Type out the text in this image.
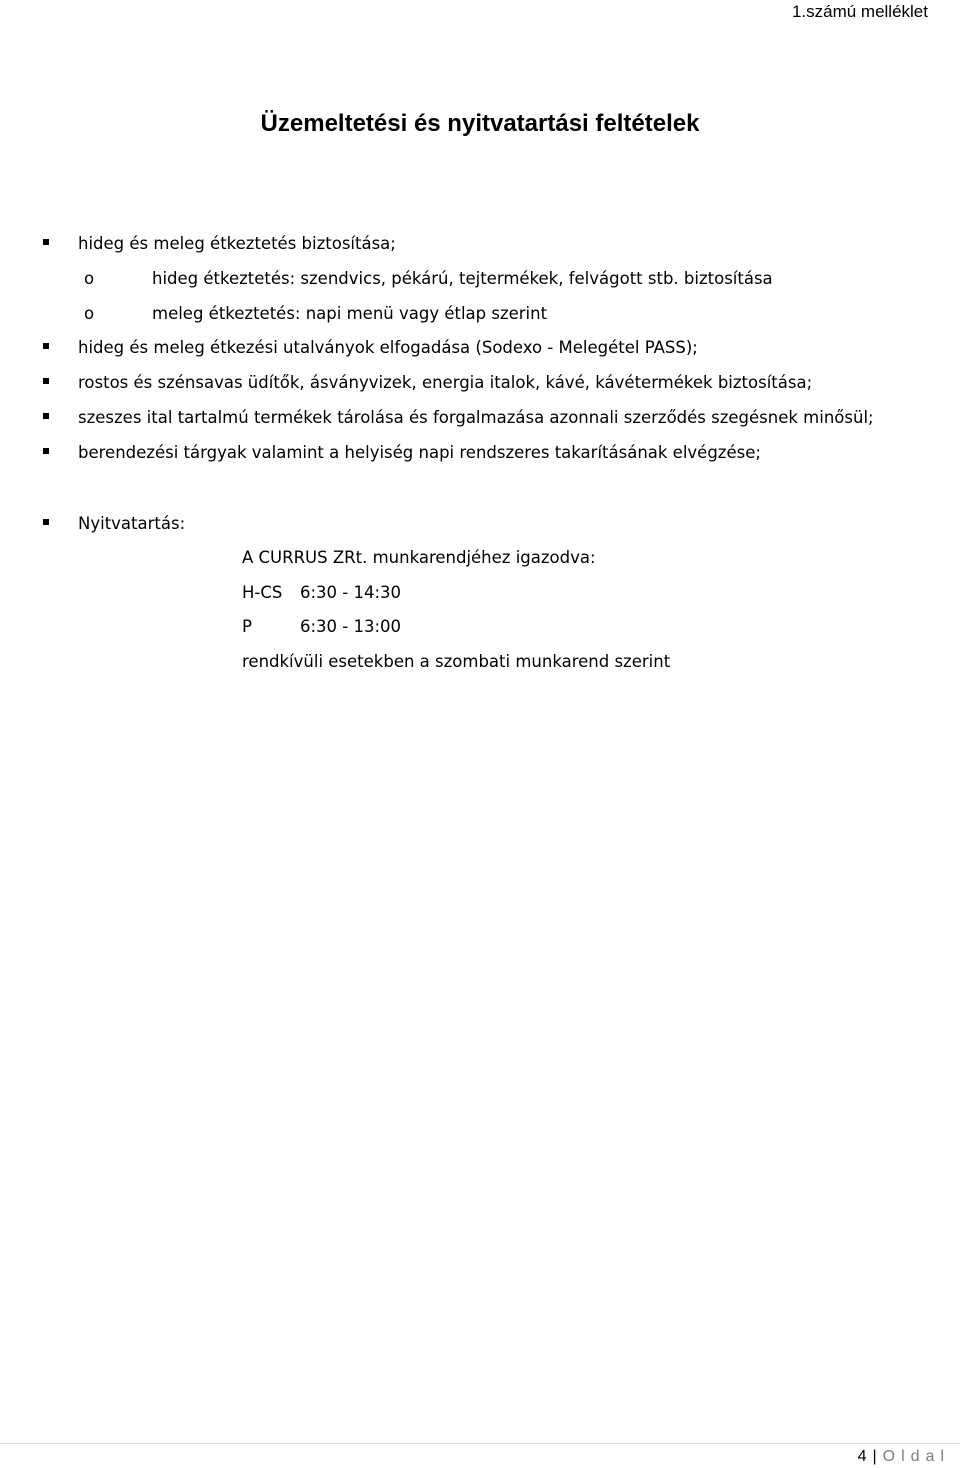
1.számú melléklet
Üzemeltetési és nyitvatartási feltételek
hideg és meleg étkeztetés biztosítása;
o	hideg étkeztetés: szendvics, pékárú, tejtermékek, felvágott stb. biztosítása
o	meleg étkeztetés: napi menü vagy étlap szerint
hideg és meleg étkezési utalványok elfogadása (Sodexo - Melegétel PASS);
rostos és szénsavas üdítők, ásványvizek, energia italok, kávé, kávétermékek biztosítása;
szeszes ital tartalmú termékek tárolása és forgalmazása azonnali szerződés szegésnek minősül;
berendezési tárgyak valamint a helyiség napi rendszeres takarításának elvégzése;
Nyitvatartás:
A CURRUS ZRt. munkarendjéhez igazodva:
H-CS 6:30 - 14:30
P	6:30 - 13:00
rendkívüli esetekben a szombati munkarend szerint
4 | Oldal
